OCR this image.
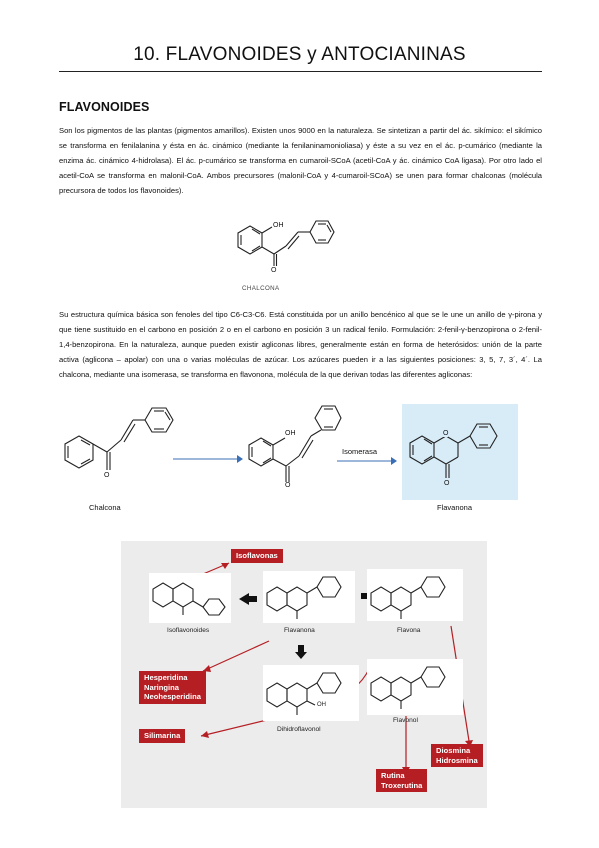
10. FLAVONOIDES y ANTOCIANINAS
FLAVONOIDES
Son los pigmentos de las plantas (pigmentos amarillos). Existen unos 9000 en la naturaleza. Se sintetizan a partir del ác. sikímico: el sikímico se transforma en fenilalanina y ésta en ác. cinámico (mediante la fenilaninamonioliasa) y éste a su vez en el ác. p-cumárico (mediante la enzima ác. cinámico 4-hidrolasa). El ác. p-cumárico se transforma en cumaroil-SCoA (acetil-CoA y ác. cinámico CoA ligasa). Por otro lado el acetil-CoA se transforma en malonil-CoA. Ambos precursores (malonil-CoA y 4-cumaroil-SCoA) se unen para formar chalconas (molécula precursora de todos los flavonoides).
OH
O
CHALCONA
Su estructura química básica son fenoles del tipo C6-C3-C6. Está constituida por un anillo bencénico al que se le une un anillo de γ-pirona y que tiene sustituido en el carbono en posición 2 o en el carbono en posición 3 un radical fenilo. Formulación: 2-fenil-γ-benzopirona o 2-fenil-1,4-benzopirona. En la naturaleza, aunque pueden existir agliconas libres, generalmente están en forma de heterósidos: unión de la parte activa (aglicona – apolar) con una o varias moléculas de azúcar. Los azúcares pueden ir a las siguientes posiciones: 3, 5, 7, 3´, 4´. La chalcona, mediante una isomerasa, se transforma en flavonona, molécula de la que derivan todas las diferentes agliconas:
O
Chalcona
OH
O
Isomerasa
O
O
Flavanona
Isoflavonoides	Flavanona	Flavona
OH
Dihidroflavonol
Flavonol
Isoflavonas
Hesperidina
Naringina
Neohesperidina
Silimarina
Rutina
Troxerutina
Diosmina
Hidrosmina
